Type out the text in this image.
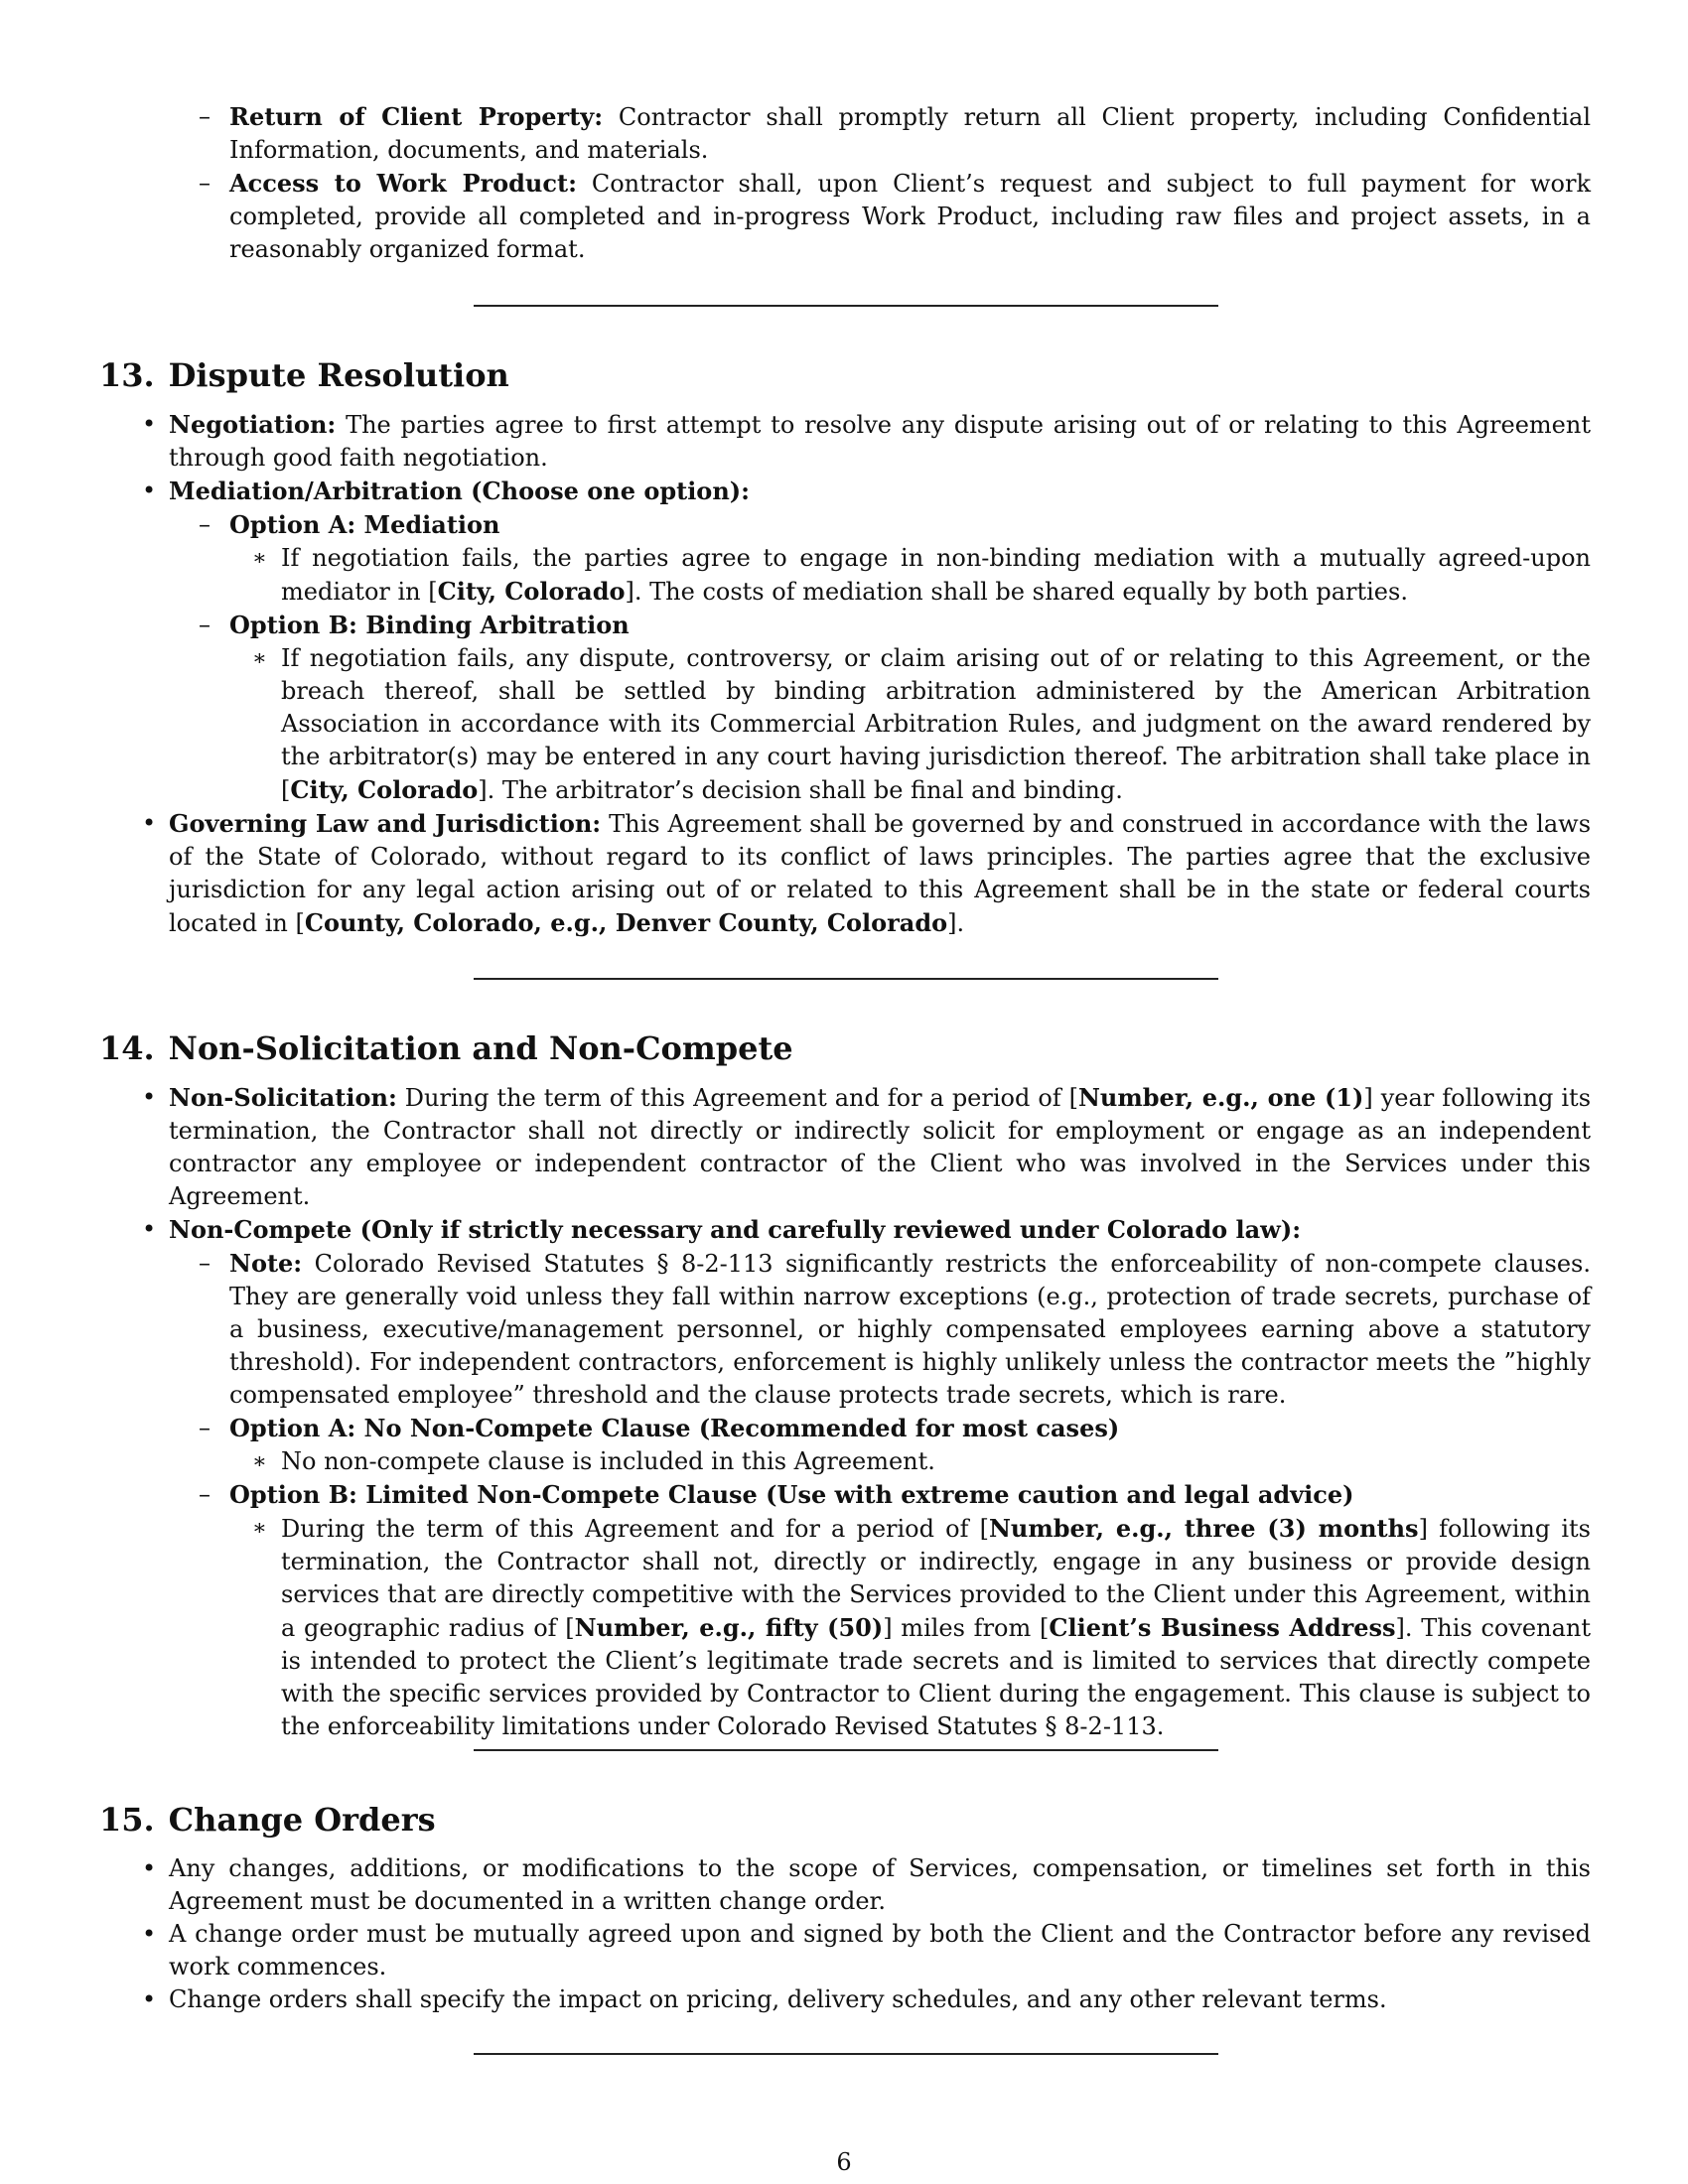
– Return of Client Property: Contractor shall promptly return all Client property, including Confidential Information, documents, and materials.

– Access to Work Product: Contractor shall, upon Client’s request and subject to full payment for work completed, provide all completed and in-progress Work Product, including raw files and project assets, in a reasonably organized format.

13. Dispute Resolution

• Negotiation: The parties agree to first attempt to resolve any dispute arising out of or relating to this Agreement through good faith negotiation.

• Mediation/Arbitration (Choose one option):

– Option A: Mediation

∗ If negotiation fails, the parties agree to engage in non-binding mediation with a mutually agreed-upon mediator in [City, Colorado]. The costs of mediation shall be shared equally by both parties.

– Option B: Binding Arbitration

∗ If negotiation fails, any dispute, controversy, or claim arising out of or relating to this Agreement, or the breach thereof, shall be settled by binding arbitration administered by the American Arbitration Association in accordance with its Commercial Arbitration Rules, and judgment on the award rendered by the arbitrator(s) may be entered in any court having jurisdiction thereof. The arbitration shall take place in [City, Colorado]. The arbitrator’s decision shall be final and binding.

• Governing Law and Jurisdiction: This Agreement shall be governed by and construed in accordance with the laws of the State of Colorado, without regard to its conflict of laws principles. The parties agree that the exclusive jurisdiction for any legal action arising out of or related to this Agreement shall be in the state or federal courts located in [County, Colorado, e.g., Denver County, Colorado].

14. Non-Solicitation and Non-Compete

• Non-Solicitation: During the term of this Agreement and for a period of [Number, e.g., one (1)] year following its termination, the Contractor shall not directly or indirectly solicit for employment or engage as an independent contractor any employee or independent contractor of the Client who was involved in the Services under this Agreement.

• Non-Compete (Only if strictly necessary and carefully reviewed under Colorado law):

– Note: Colorado Revised Statutes § 8-2-113 significantly restricts the enforceability of non-compete clauses. They are generally void unless they fall within narrow exceptions (e.g., protection of trade secrets, purchase of a business, executive/management personnel, or highly compensated employees earning above a statutory threshold). For independent contractors, enforcement is highly unlikely unless the contractor meets the ”highly compensated employee” threshold and the clause protects trade secrets, which is rare.

– Option A: No Non-Compete Clause (Recommended for most cases)

∗ No non-compete clause is included in this Agreement.

– Option B: Limited Non-Compete Clause (Use with extreme caution and legal advice)

∗ During the term of this Agreement and for a period of [Number, e.g., three (3) months] following its termination, the Contractor shall not, directly or indirectly, engage in any business or provide design services that are directly competitive with the Services provided to the Client under this Agreement, within a geographic radius of [Number, e.g., fifty (50)] miles from [Client’s Business Address]. This covenant is intended to protect the Client’s legitimate trade secrets and is limited to services that directly compete with the specific services provided by Contractor to Client during the engagement. This clause is subject to the enforceability limitations under Colorado Revised Statutes § 8-2-113.

15. Change Orders

• Any changes, additions, or modifications to the scope of Services, compensation, or timelines set forth in this Agreement must be documented in a written change order.

• A change order must be mutually agreed upon and signed by both the Client and the Contractor before any revised work commences.

• Change orders shall specify the impact on pricing, delivery schedules, and any other relevant terms.

6
